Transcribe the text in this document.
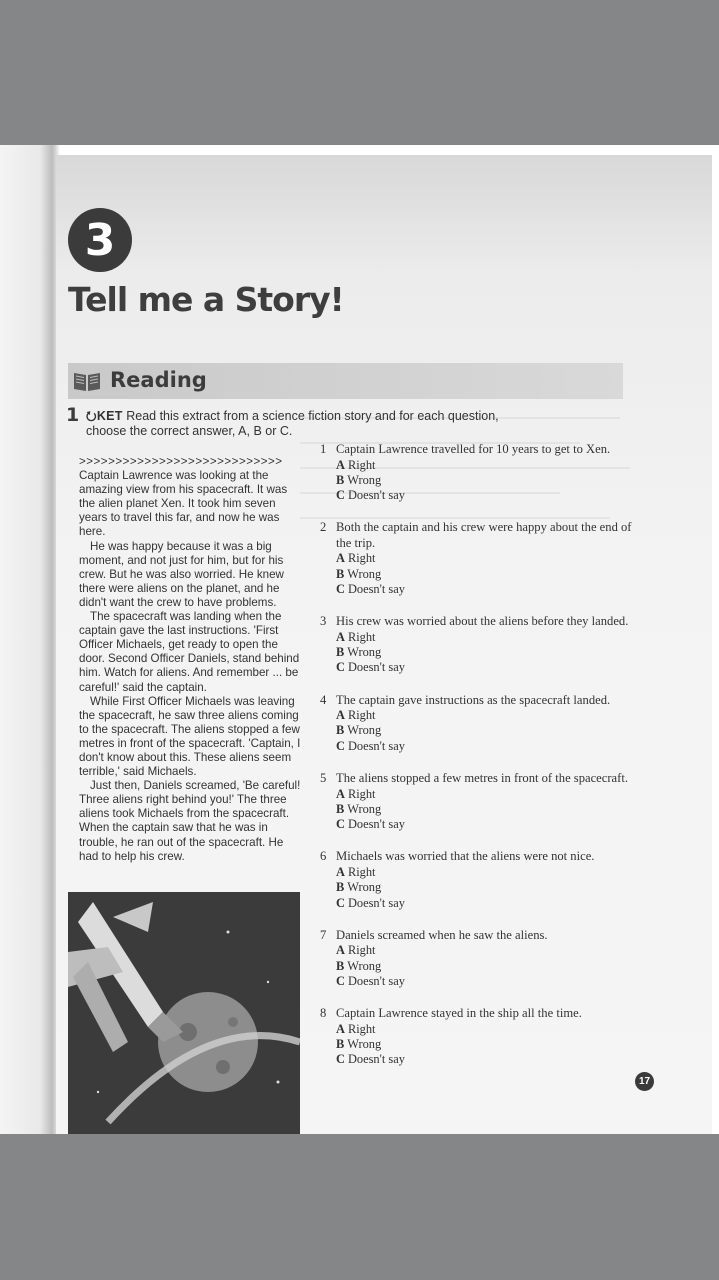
3
Tell me a Story!
Reading
1 ⭮KET Read this extract from a science fiction story and for each question,
choose the correct answer, A, B or C.
>>>>>>>>>>>>>>>>>>>>>>>>>>>>

Captain Lawrence was looking at the amazing view from his spacecraft. It was the alien planet Xen. It took him seven years to travel this far, and now he was here.

He was happy because it was a big moment, and not just for him, but for his crew. But he was also worried. He knew there were aliens on the planet, and he didn't want the crew to have problems.

The spacecraft was landing when the captain gave the last instructions. 'First Officer Michaels, get ready to open the door. Second Officer Daniels, stand behind him. Watch for aliens. And remember ... be careful!' said the captain.

While First Officer Michaels was leaving the spacecraft, he saw three aliens coming to the spacecraft. The aliens stopped a few metres in front of the spacecraft. 'Captain, I don't know about this. These aliens seem terrible,' said Michaels.

Just then, Daniels screamed, 'Be careful! Three aliens right behind you!' The three aliens took Michaels from the spacecraft. When the captain saw that he was in trouble, he ran out of the spacecraft. He had to help his crew.

1 Captain Lawrence travelled for 10 years to get to Xen.
A Right
B Wrong
C Doesn't say
2 Both the captain and his crew were happy about the end of the trip.
A Right
B Wrong
C Doesn't say
3 His crew was worried about the aliens before they landed.
A Right
B Wrong
C Doesn't say
4 The captain gave instructions as the spacecraft landed.
A Right
B Wrong
C Doesn't say
5 The aliens stopped a few metres in front of the spacecraft.
A Right
B Wrong
C Doesn't say
6 Michaels was worried that the aliens were not nice.
A Right
B Wrong
C Doesn't say
7 Daniels screamed when he saw the aliens.
A Right
B Wrong
C Doesn't say
8 Captain Lawrence stayed in the ship all the time.
A Right
B Wrong
C Doesn't say
17
